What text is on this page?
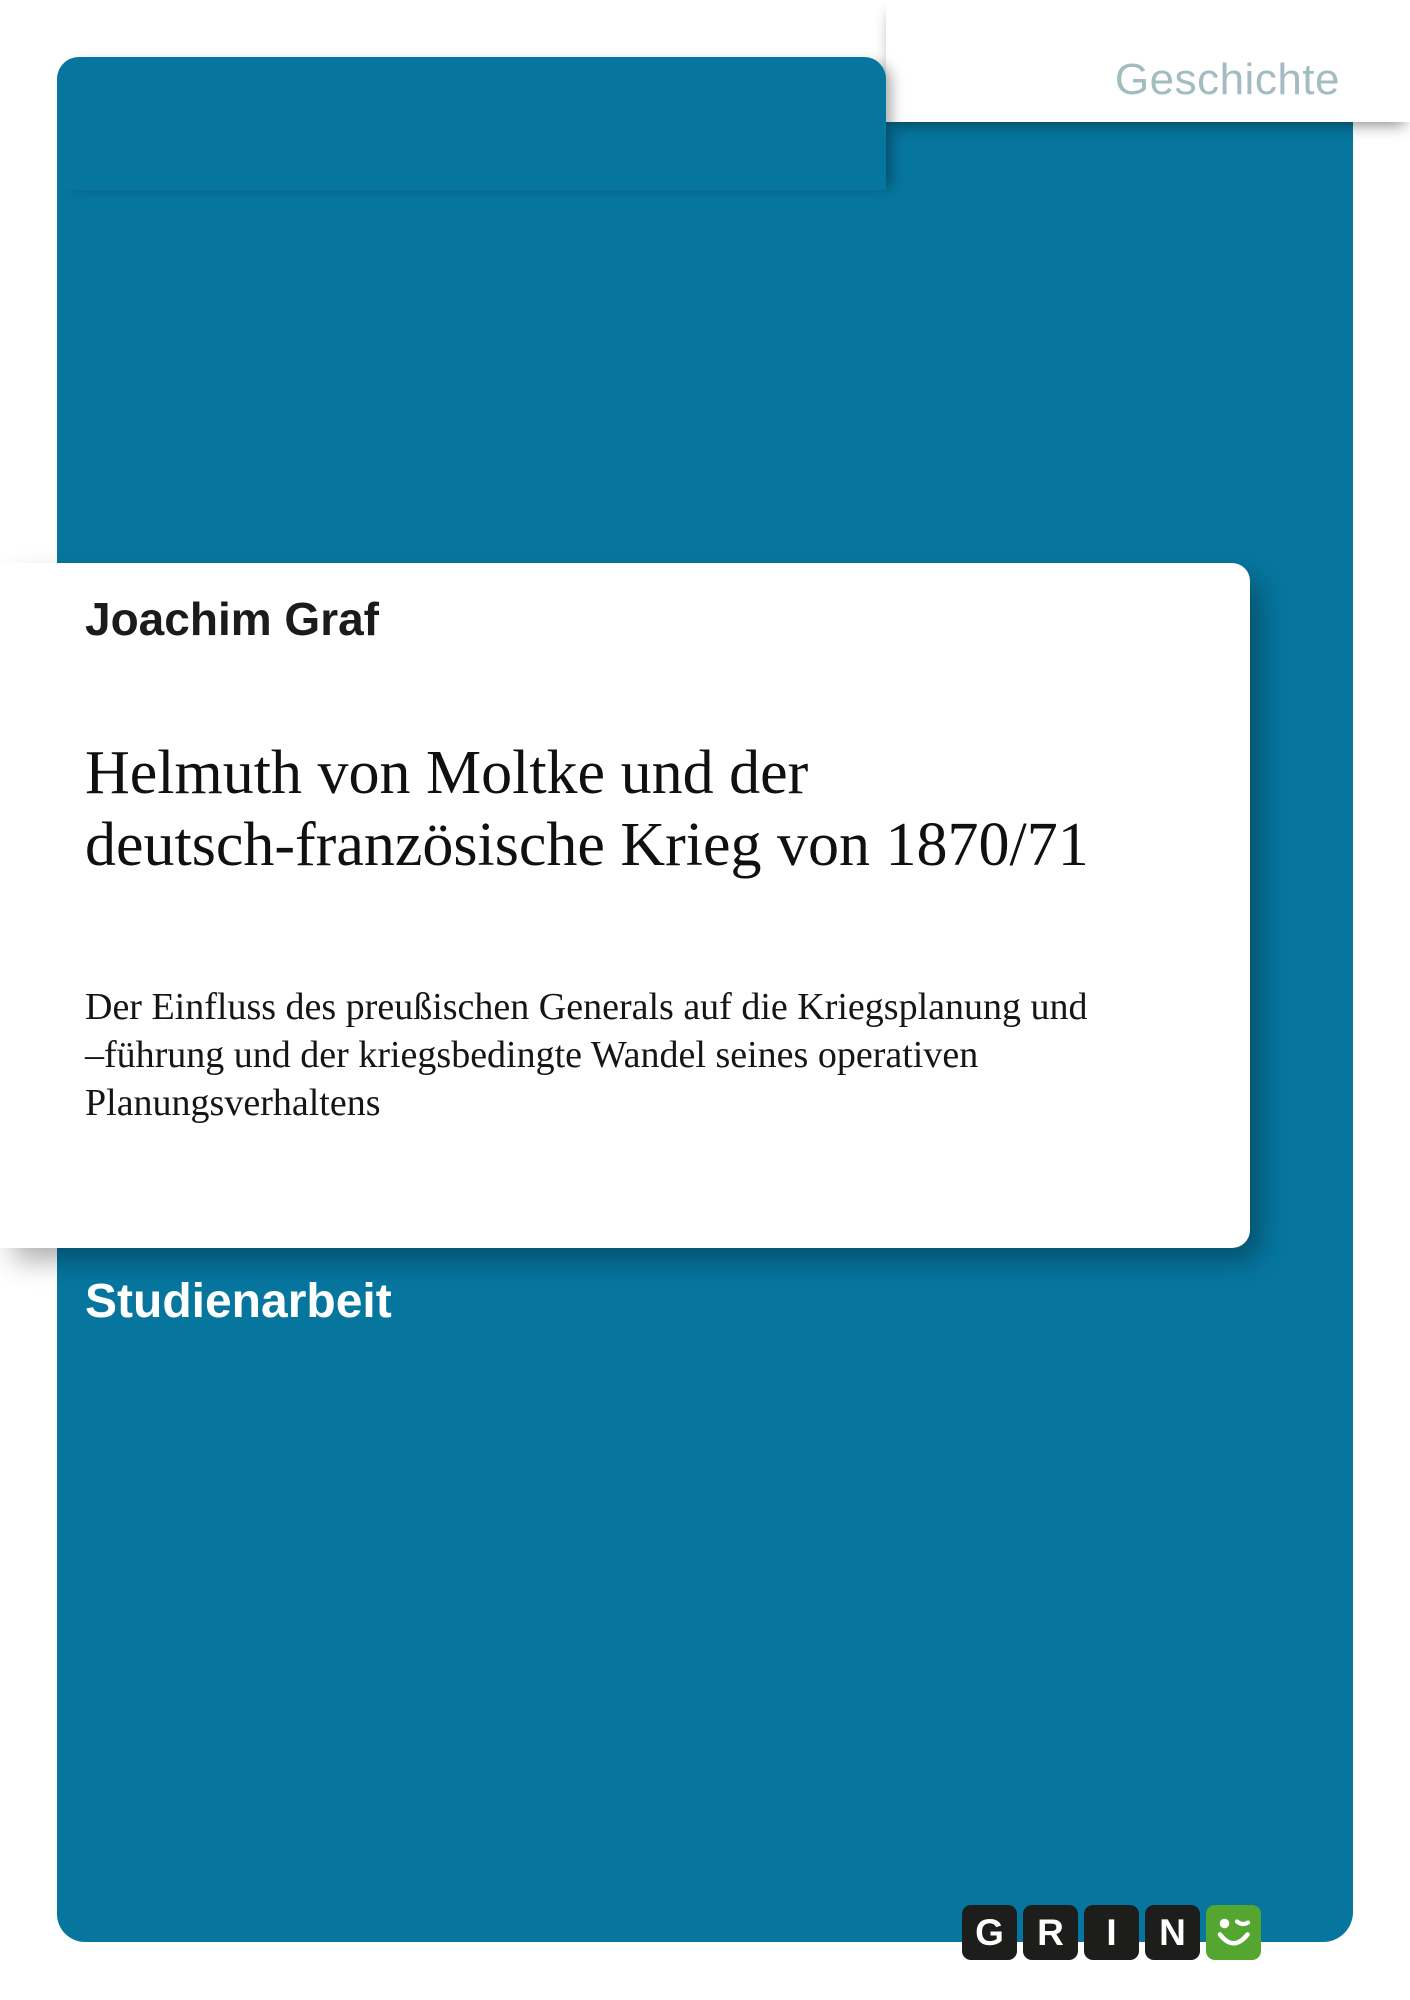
Geschichte
Joachim Graf
Helmuth von Moltke und der
deutsch-französische Krieg von 1870/71
Der Einfluss des preußischen Generals auf die Kriegsplanung und
–führung und der kriegsbedingte Wandel seines operativen
Planungsverhaltens
Studienarbeit
G R I N
